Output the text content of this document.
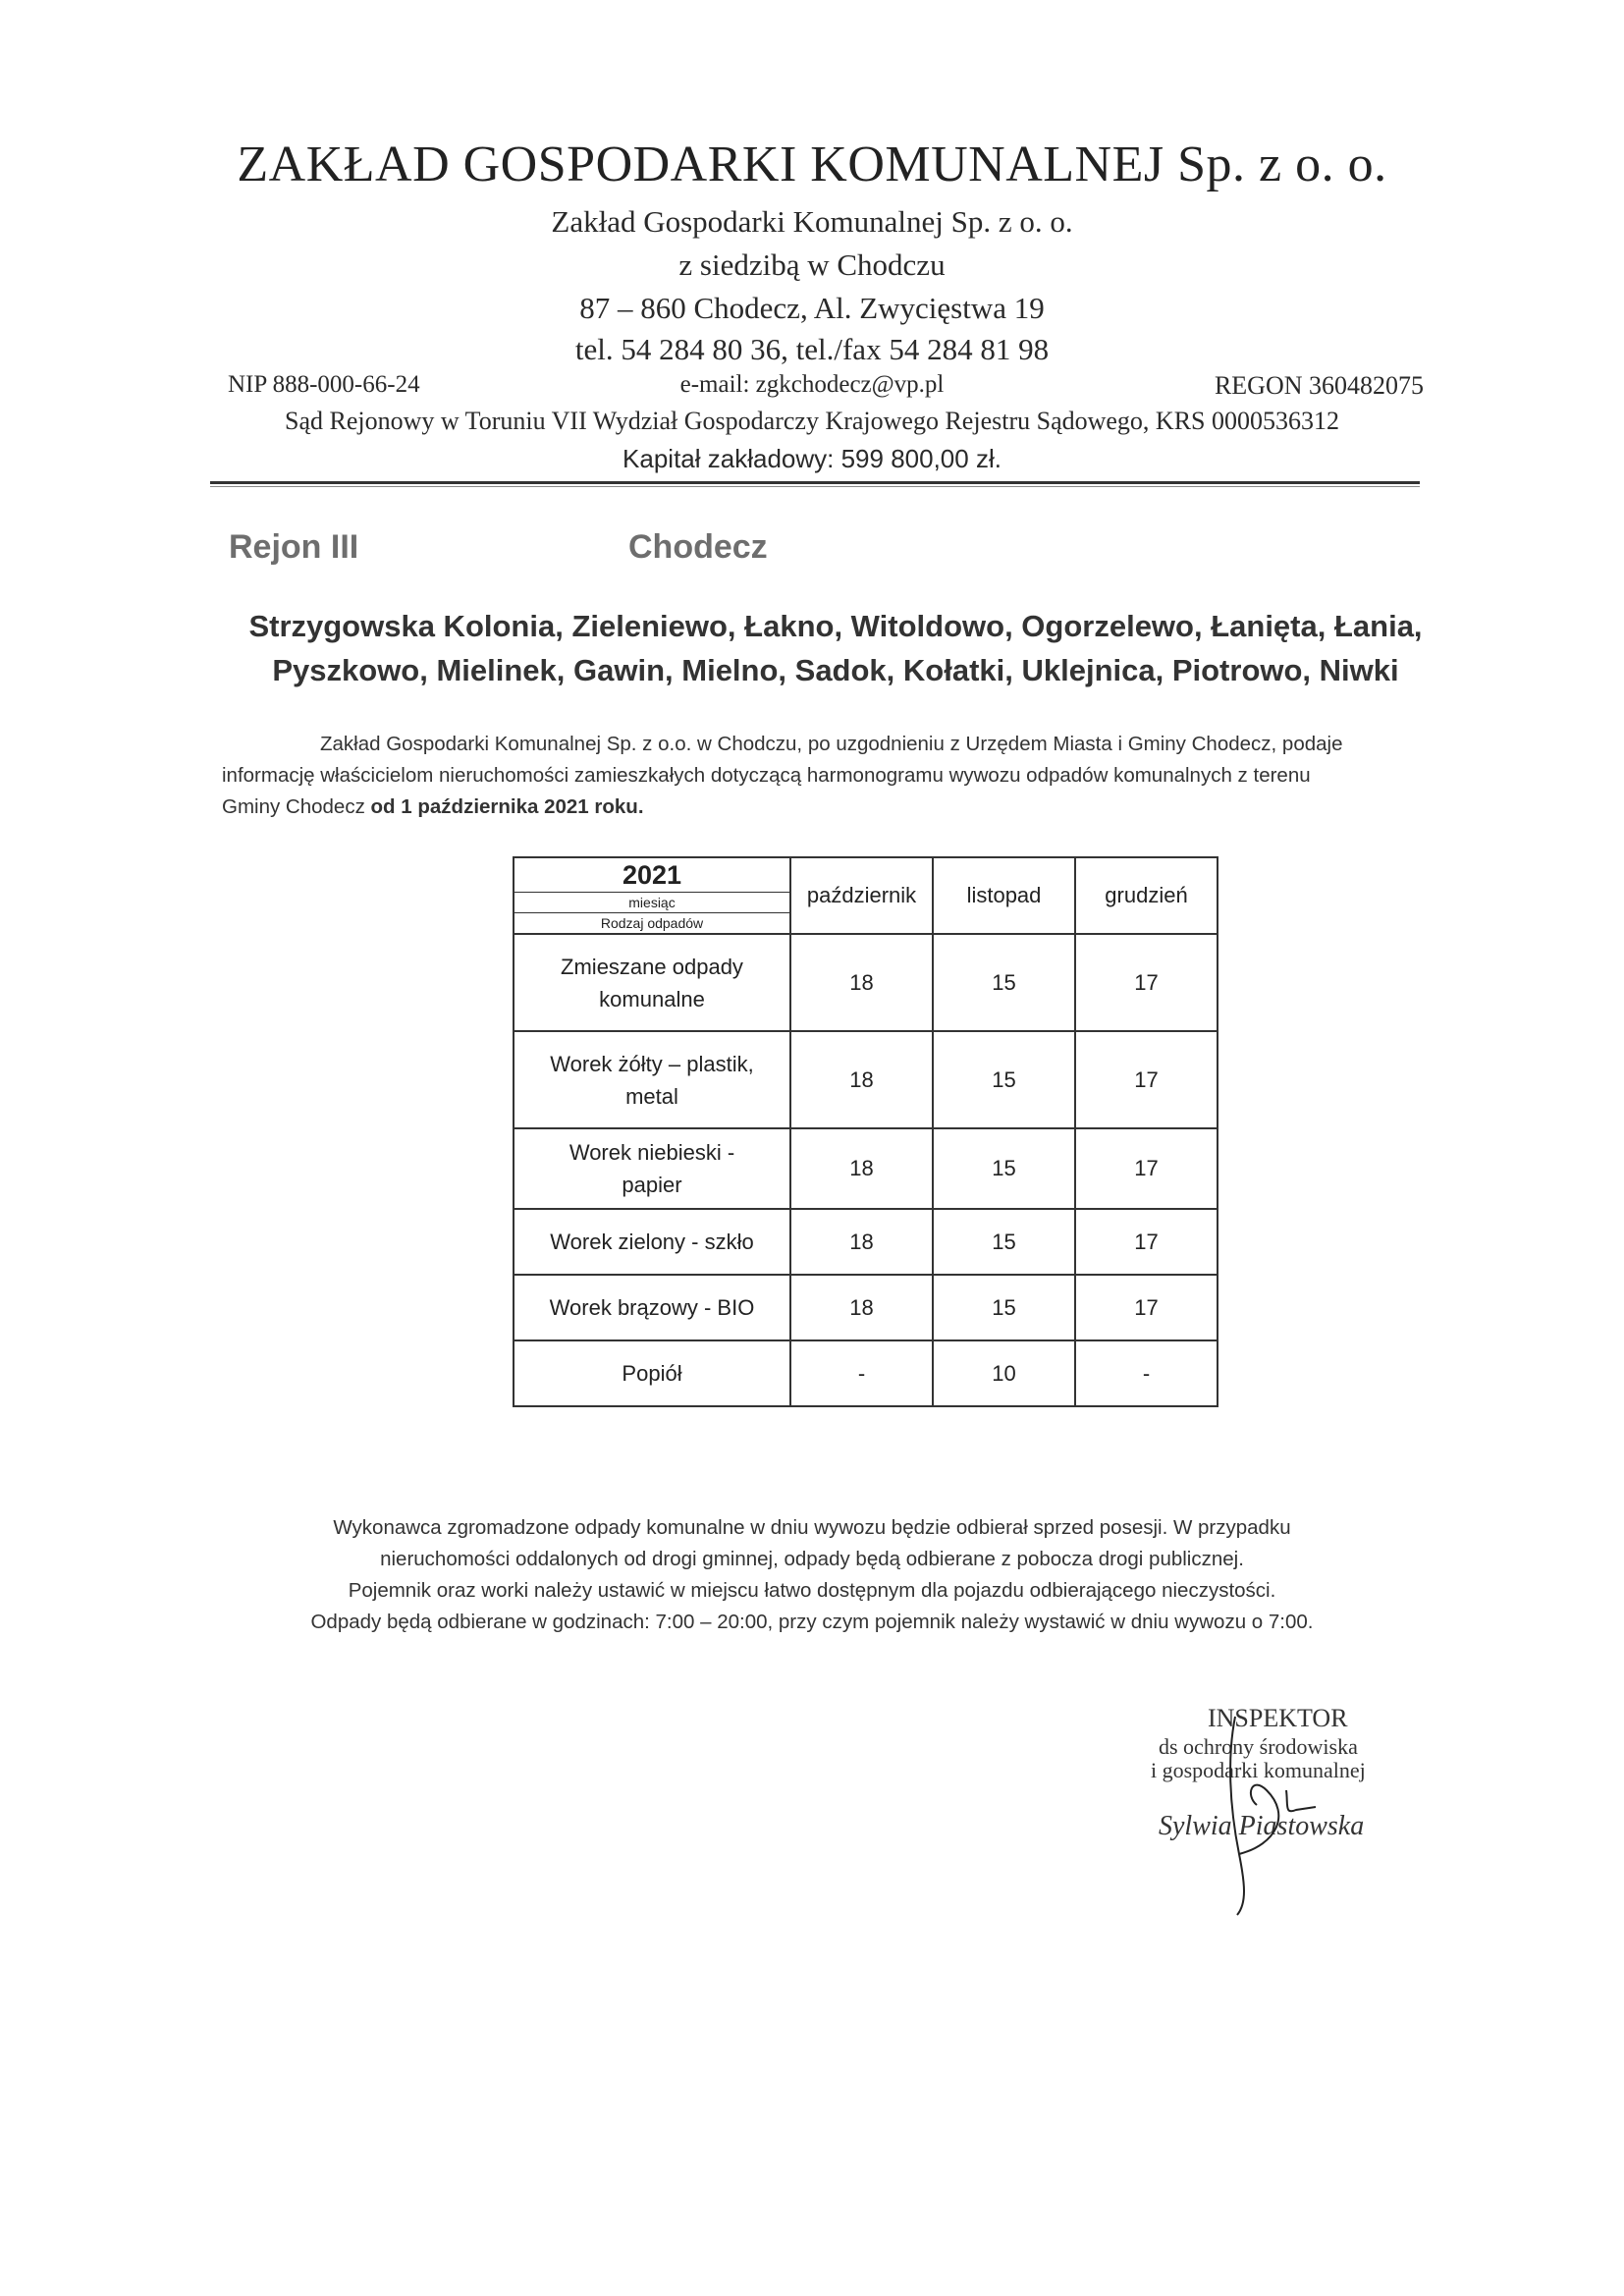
ZAKŁAD GOSPODARKI KOMUNALNEJ Sp. z o. o.
Zakład Gospodarki Komunalnej Sp. z o. o.
z siedzibą w Chodczu
87 – 860 Chodecz, Al. Zwycięstwa 19
tel. 54 284 80 36, tel./fax 54 284 81 98
NIP 888-000-66-24	e-mail: zgkchodecz@vp.pl	REGON 360482075
Sąd Rejonowy w Toruniu VII Wydział Gospodarczy Krajowego Rejestru Sądowego, KRS 0000536312
Kapitał zakładowy: 599 800,00 zł.
Rejon III	Chodecz
Strzygowska Kolonia, Zieleniewo, Łakno, Witoldowo, Ogorzelewo, Łanięta, Łania,
Pyszkowo, Mielinek, Gawin, Mielno, Sadok, Kołatki, Uklejnica, Piotrowo, Niwki
Zakład Gospodarki Komunalnej Sp. z o.o. w Chodczu, po uzgodnieniu z Urzędem Miasta i Gminy Chodecz, podaje
informację właścicielom nieruchomości zamieszkałych dotyczącą harmonogramu wywozu odpadów komunalnych z terenu
Gminy Chodecz od 1 października 2021 roku.
2021
miesiąc
Rodzaj odpadów	październik	listopad	grudzień
Zmieszane odpady
komunalne	18	15	17
Worek żółty – plastik,
metal	18	15	17
Worek niebieski -
papier	18	15	17
Worek zielony - szkło	18	15	17
Worek brązowy - BIO	18	15	17
Popiół	-	10	-
Wykonawca zgromadzone odpady komunalne w dniu wywozu będzie odbierał sprzed posesji. W przypadku
nieruchomości oddalonych od drogi gminnej, odpady będą odbierane z pobocza drogi publicznej.
Pojemnik oraz worki należy ustawić w miejscu łatwo dostępnym dla pojazdu odbierającego nieczystości.
Odpady będą odbierane w godzinach: 7:00 – 20:00, przy czym pojemnik należy wystawić w dniu wywozu o 7:00.
INSPEKTOR
ds ochrony środowiska
i gospodarki komunalnej
Sylwia Piastowska
